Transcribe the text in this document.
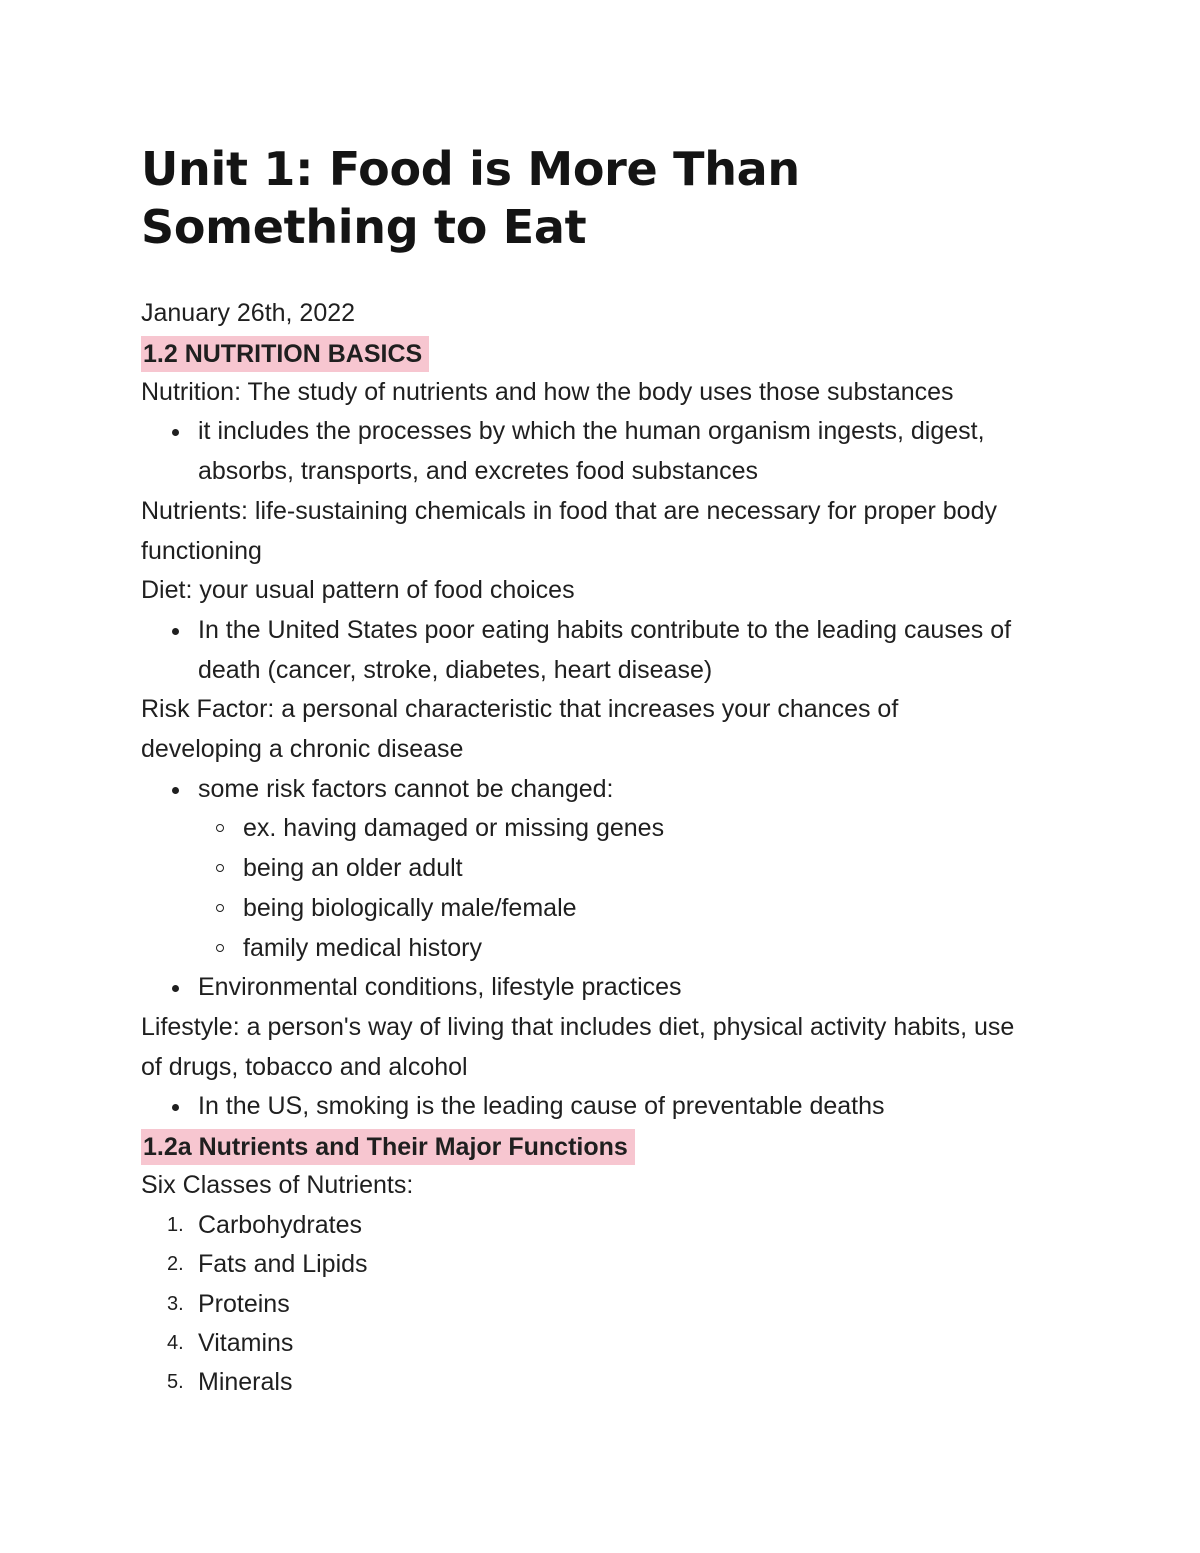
Unit 1: Food is More Than Something to Eat
January 26th, 2022
1.2 NUTRITION BASICS
Nutrition: The study of nutrients and how the body uses those substances
it includes the processes by which the human organism ingests, digest, absorbs, transports, and excretes food substances
Nutrients: life-sustaining chemicals in food that are necessary for proper body functioning
Diet: your usual pattern of food choices
In the United States poor eating habits contribute to the leading causes of death (cancer, stroke, diabetes, heart disease)
Risk Factor: a personal characteristic that increases your chances of developing a chronic disease
some risk factors cannot be changed:
ex. having damaged or missing genes
being an older adult
being biologically male/female
family medical history
Environmental conditions, lifestyle practices
Lifestyle: a person's way of living that includes diet, physical activity habits, use of drugs, tobacco and alcohol
In the US, smoking is the leading cause of preventable deaths
1.2a Nutrients and Their Major Functions
Six Classes of Nutrients:
1. Carbohydrates
2. Fats and Lipids
3. Proteins
4. Vitamins
5. Minerals
